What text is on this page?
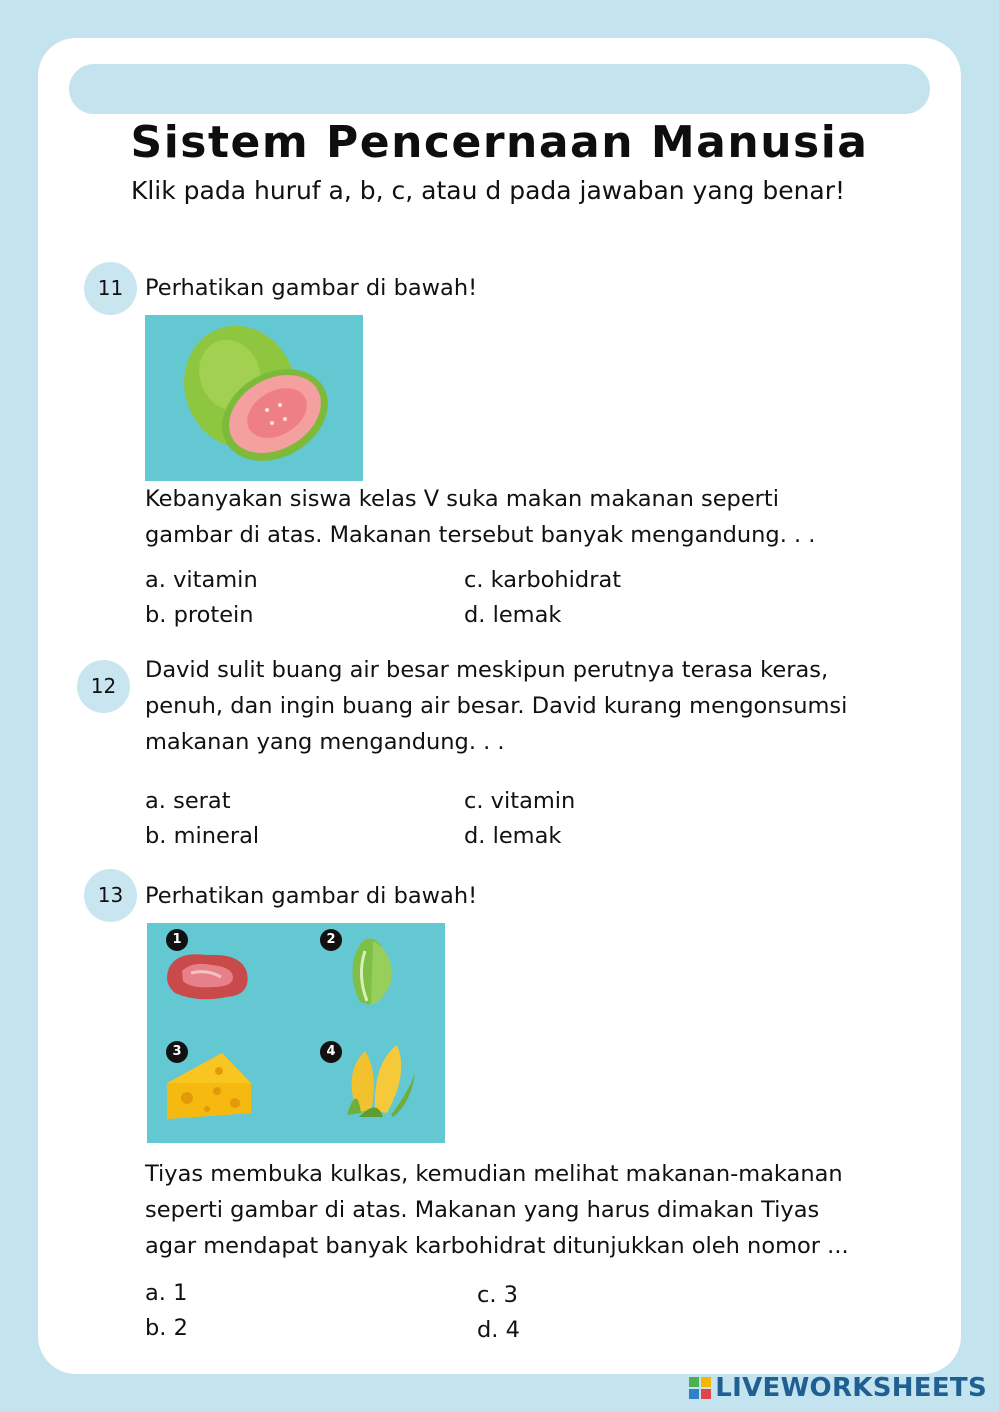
Sistem Pencernaan Manusia
Klik pada huruf a, b, c, atau d pada jawaban yang benar!
11 Perhatikan gambar di bawah!
Kebanyakan siswa kelas V suka makan makanan seperti
gambar di atas. Makanan tersebut banyak mengandung. . .
a. vitamin
b. protein
c. karbohidrat
d. lemak
12
David sulit buang air besar meskipun perutnya terasa keras,
penuh, dan ingin buang air besar. David kurang mengonsumsi
makanan yang mengandung. . .
a. serat
b. mineral
c. vitamin
d. lemak
13 Perhatikan gambar di bawah!
1	2
3	4
Tiyas membuka kulkas, kemudian melihat makanan-makanan
seperti gambar di atas. Makanan yang harus dimakan Tiyas
agar mendapat banyak karbohidrat ditunjukkan oleh nomor ...
a. 1
b. 2
c. 3
d. 4
LIVEWORKSHEETS
